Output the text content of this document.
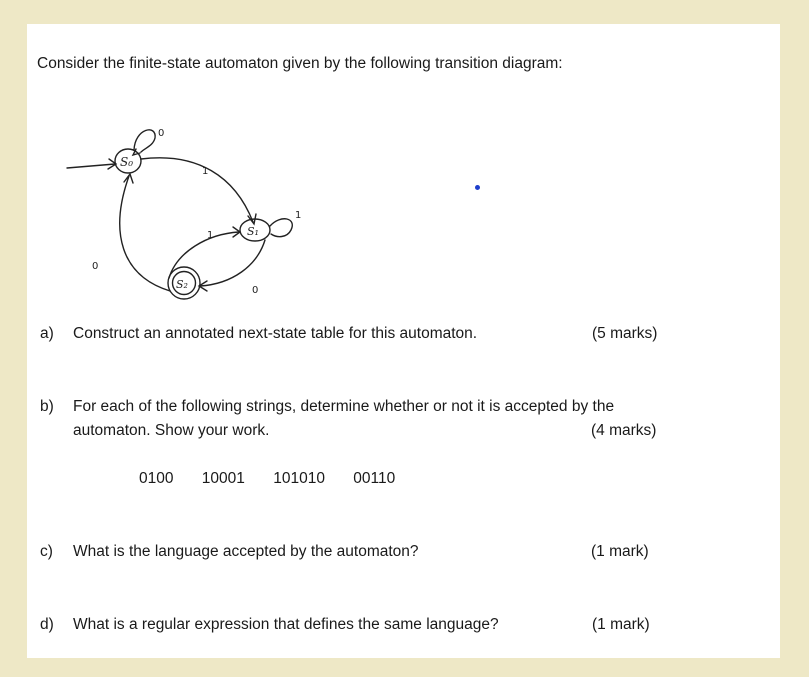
Consider the finite-state automaton given by the following transition diagram:
S₀
S₁
S₂
0
1
1
1
0
0
a) Construct an annotated next-state table for this automaton.	(5 marks)
b) For each of the following strings, determine whether or not it is accepted by the
automaton. Show your work.	(4 marks)
0100 10001 101010 00110
c) What is the language accepted by the automaton?	(1 mark)
d) What is a regular expression that defines the same language?	(1 mark)
